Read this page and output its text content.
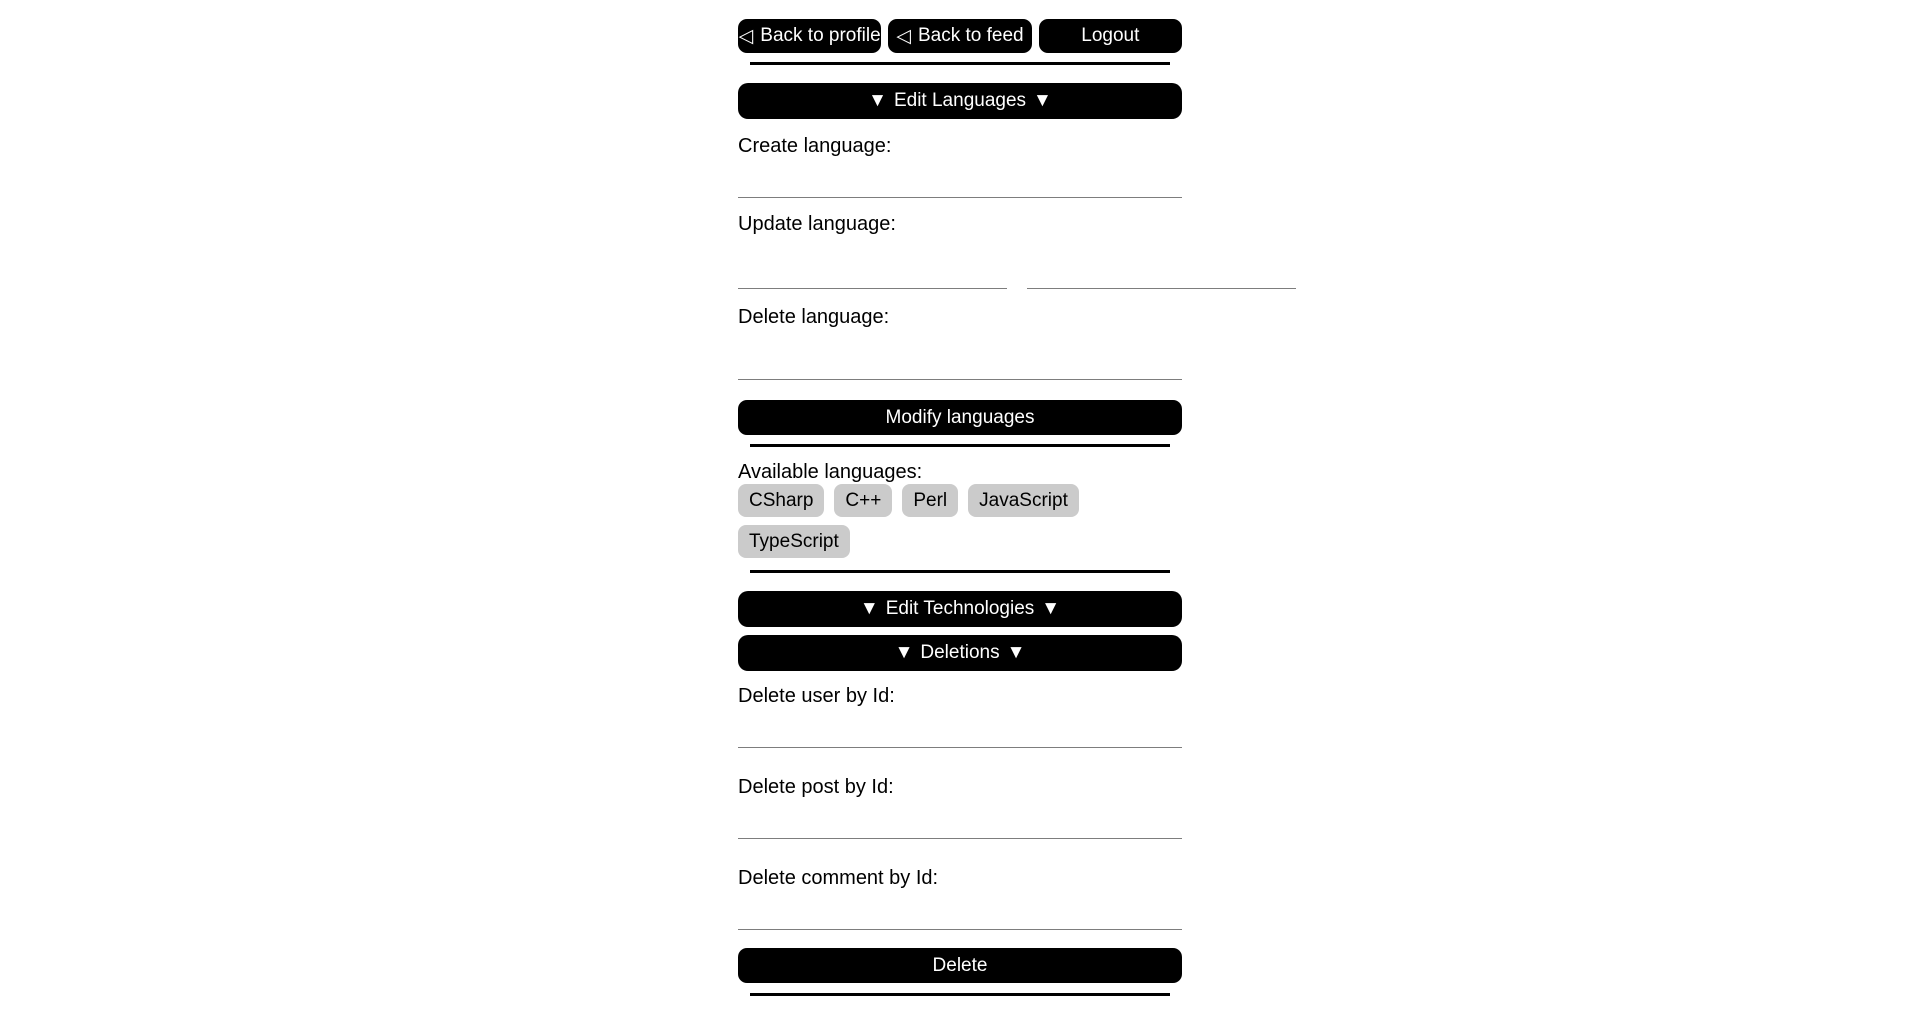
◁ Back to profile ◁ Back to feed	Logout
▼ Edit Languages ▼
Create language:
Update language:
Delete language:
Modify languages
Available languages:
CSharp	C++	Perl	JavaScript
TypeScript
▼ Edit Technologies ▼

▼ Deletions ▼
Delete user by Id:
Delete post by Id:
Delete comment by Id:
Delete
